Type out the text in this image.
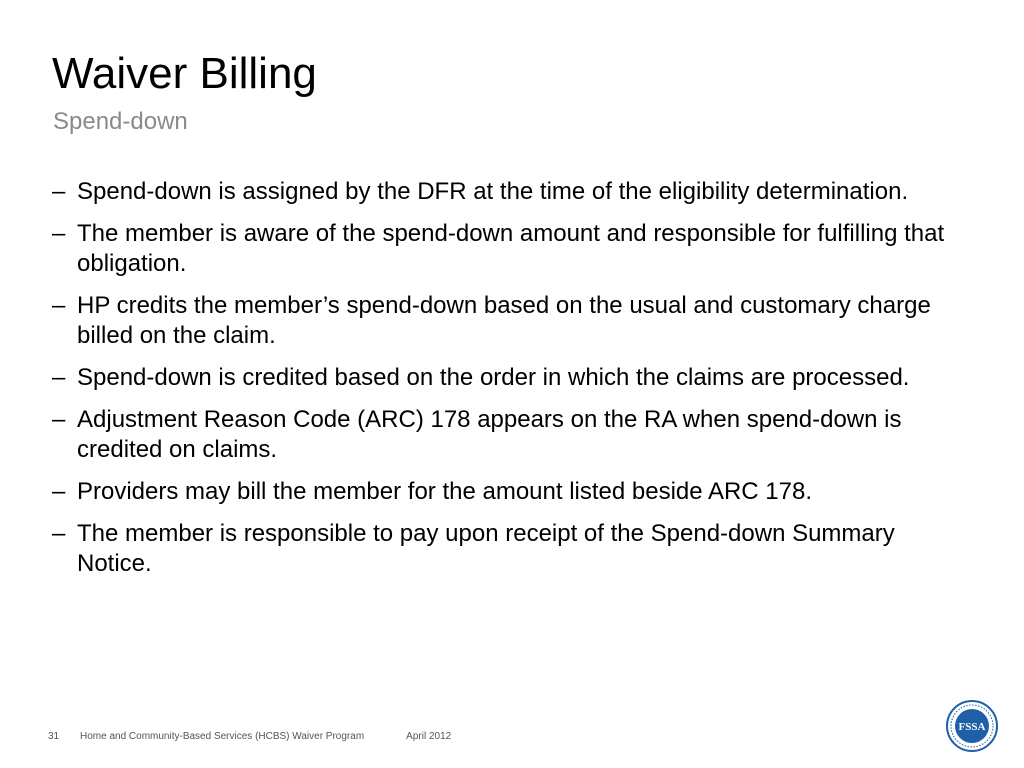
Waiver Billing
Spend-down
– Spend-down is assigned by the DFR at the time of the eligibility determination.
– The member is aware of the spend-down amount and responsible for fulfilling that obligation.
– HP credits the member’s spend-down based on the usual and customary charge billed on the claim.
– Spend-down is credited based on the order in which the claims are processed.
– Adjustment Reason Code (ARC) 178 appears on the RA when spend-down is credited on claims.
– Providers may bill the member for the amount listed beside ARC 178.
– The member is responsible to pay upon receipt of the Spend-down Summary Notice.
31	Home and Community-Based Services (HCBS) Waiver Program	April 2012
FSSA
